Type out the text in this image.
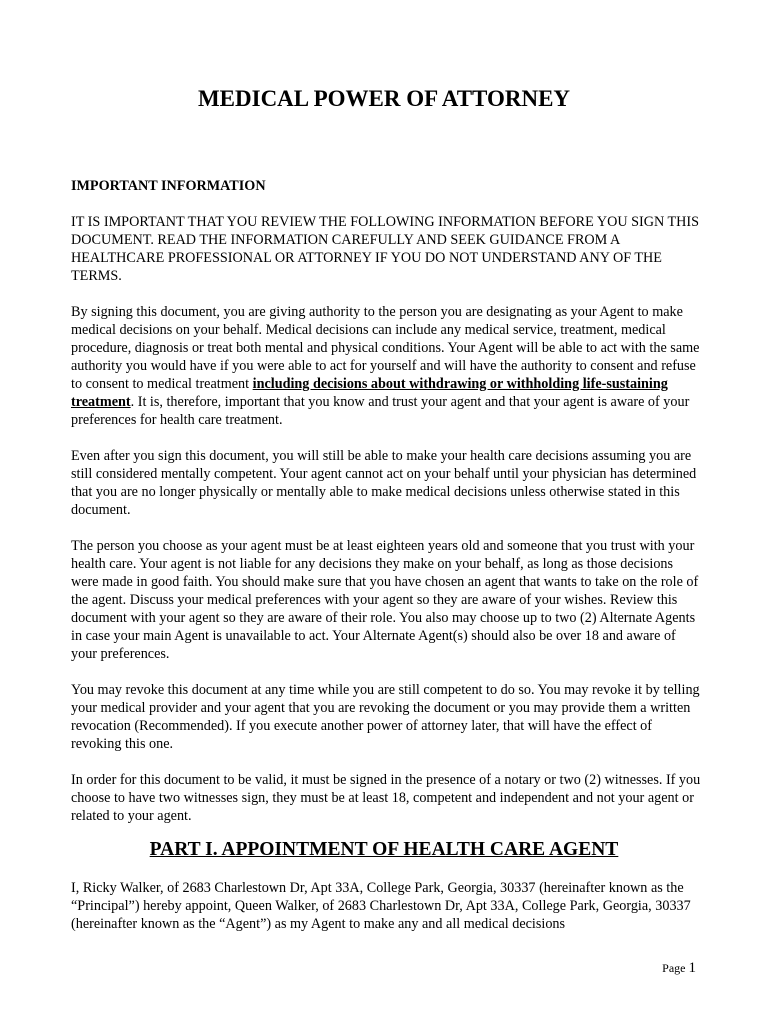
MEDICAL POWER OF ATTORNEY

IMPORTANT INFORMATION

IT IS IMPORTANT THAT YOU REVIEW THE FOLLOWING INFORMATION BEFORE YOU SIGN THIS DOCUMENT. READ THE INFORMATION CAREFULLY AND SEEK GUIDANCE FROM A HEALTHCARE PROFESSIONAL OR ATTORNEY IF YOU DO NOT UNDERSTAND ANY OF THE TERMS.

By signing this document, you are giving authority to the person you are designating as your Agent to make medical decisions on your behalf. Medical decisions can include any medical service, treatment, medical procedure, diagnosis or treat both mental and physical conditions. Your Agent will be able to act with the same authority you would have if you were able to act for yourself and will have the authority to consent and refuse to consent to medical treatment including decisions about withdrawing or withholding life-sustaining treatment. It is, therefore, important that you know and trust your agent and that your agent is aware of your preferences for health care treatment.

Even after you sign this document, you will still be able to make your health care decisions assuming you are still considered mentally competent. Your agent cannot act on your behalf until your physician has determined that you are no longer physically or mentally able to make medical decisions unless otherwise stated in this document.

The person you choose as your agent must be at least eighteen years old and someone that you trust with your health care. Your agent is not liable for any decisions they make on your behalf, as long as those decisions were made in good faith. You should make sure that you have chosen an agent that wants to take on the role of the agent. Discuss your medical preferences with your agent so they are aware of your wishes. Review this document with your agent so they are aware of their role. You also may choose up to two (2) Alternate Agents in case your main Agent is unavailable to act. Your Alternate Agent(s) should also be over 18 and aware of your preferences.

You may revoke this document at any time while you are still competent to do so. You may revoke it by telling your medical provider and your agent that you are revoking the document or you may provide them a written revocation (Recommended). If you execute another power of attorney later, that will have the effect of revoking this one.

In order for this document to be valid, it must be signed in the presence of a notary or two (2) witnesses. If you choose to have two witnesses sign, they must be at least 18, competent and independent and not your agent or related to your agent.

PART I. APPOINTMENT OF HEALTH CARE AGENT
I, Ricky Walker, of 2683 Charlestown Dr, Apt 33A, College Park, Georgia, 30337 (hereinafter known as the “Principal”) hereby appoint, Queen Walker, of 2683 Charlestown Dr, Apt 33A, College Park, Georgia, 30337 (hereinafter known as the “Agent”) as my Agent to make any and all medical decisions
Page 1
